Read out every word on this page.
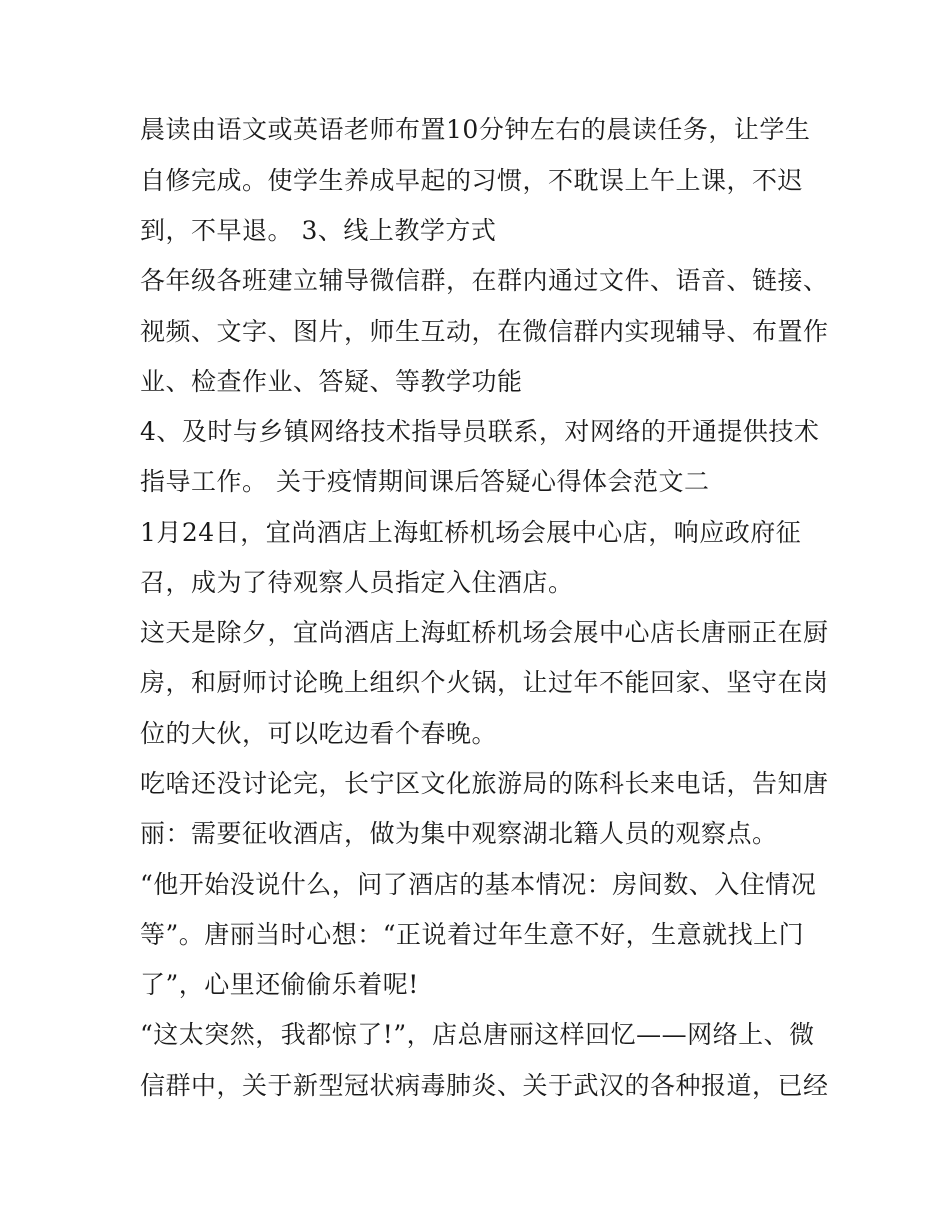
晨读由语文或英语老师布置10分钟左右的晨读任务，让学生
自修完成。使学生养成早起的习惯，不耽误上午上课，不迟
到，不早退。 3、线上教学方式
各年级各班建立辅导微信群，在群内通过文件、语音、链接、
视频、文字、图片，师生互动，在微信群内实现辅导、布置作
业、检查作业、答疑、等教学功能
4、及时与乡镇网络技术指导员联系，对网络的开通提供技术
指导工作。 关于疫情期间课后答疑心得体会范文二
1月24日，宜尚酒店上海虹桥机场会展中心店，响应政府征
召，成为了待观察人员指定入住酒店。
这天是除夕，宜尚酒店上海虹桥机场会展中心店长唐丽正在厨
房，和厨师讨论晚上组织个火锅，让过年不能回家、坚守在岗
位的大伙，可以吃边看个春晚。
吃啥还没讨论完，长宁区文化旅游局的陈科长来电话，告知唐
丽：需要征收酒店，做为集中观察湖北籍人员的观察点。
“他开始没说什么，问了酒店的基本情况：房间数、入住情况
等”。唐丽当时心想：“正说着过年生意不好，生意就找上门
了”，心里还偷偷乐着呢!
“这太突然，我都惊了!”，店总唐丽这样回忆——网络上、微
信群中，关于新型冠状病毒肺炎、关于武汉的各种报道，已经
